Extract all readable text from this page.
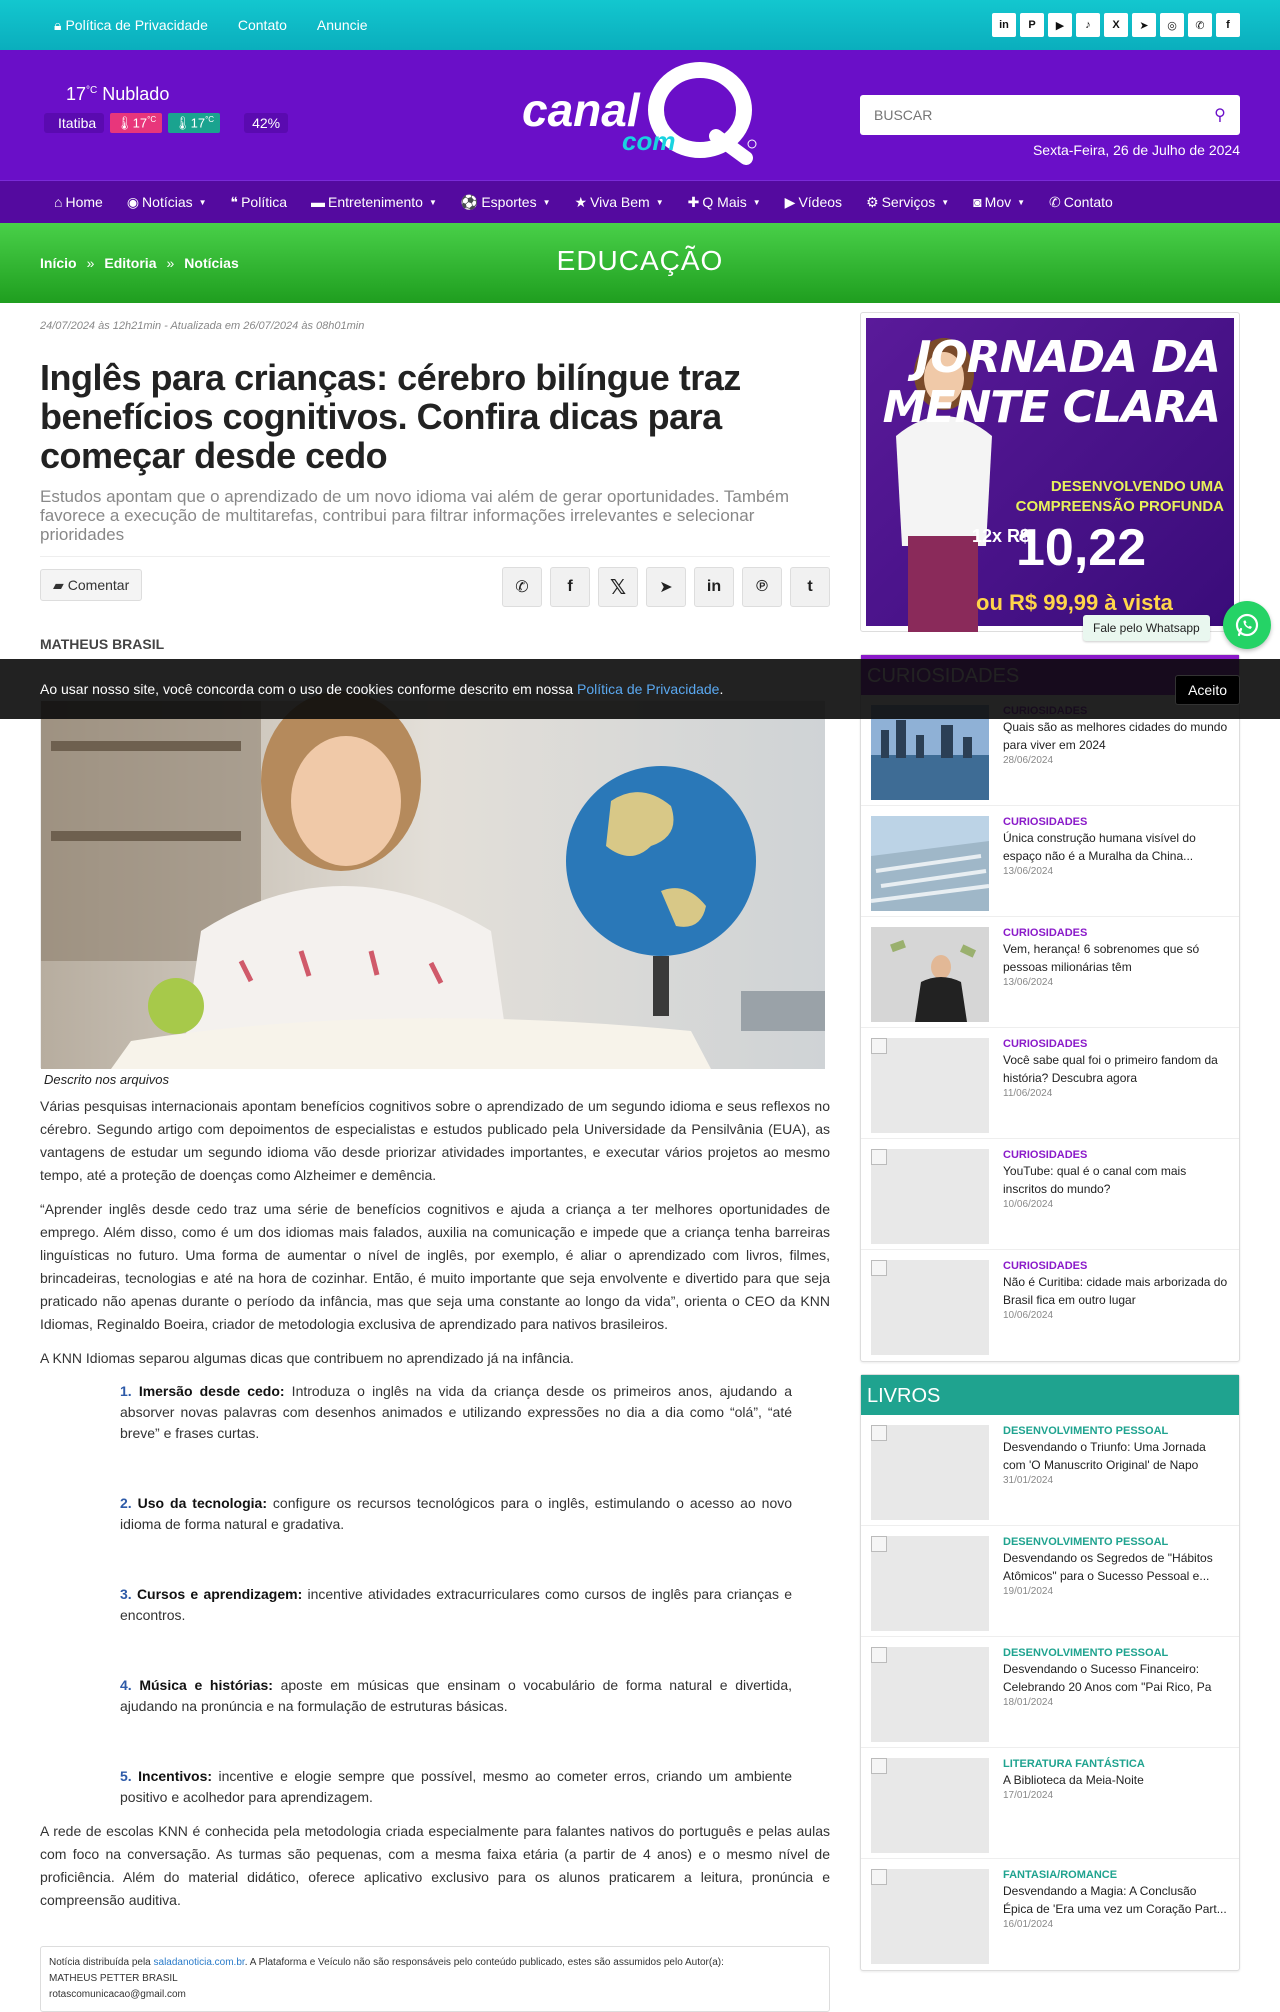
🔒︎ Política de Privacidade Contato Anuncie	in	P	▶	♪	X	➤	◎	✆	f
$17^{^\circ C}$ Nublado
Itatiba	$🌡︎17^{^\circ C}$	$🌡︎17^{^\circ C}$	42%	canal
com
BUSCAR
⚲
Sexta-Feira, 26 de Julho de 2024
⌂ Home ◉ Notícias ▼ ❝ Política ▬ Entretenimento ▼ ⚽ Esportes ▼ ★ Viva Bem ▼ ✚ Q Mais ▼ ▶ Vídeos ⚙ Serviços ▼ ◙ Mov ▼ ✆ Contato
Início » Editoria » Notícias	EDUCAÇÃO
24/07/2024 às 12h21min - Atualizada em 26/07/2024 às 08h01min
Inglês para crianças: cérebro bilíngue traz benefícios cognitivos. Confira dicas para começar desde cedo
Estudos apontam que o aprendizado de um novo idioma vai além de gerar oportunidades. Também favorece a execução de multitarefas, contribui para filtrar informações irrelevantes e selecionar prioridades
▰ Comentar	✆ f 𝕏 ➤ in ℗ t
MATHEUS BRASIL
Descrito nos arquivos

Várias pesquisas internacionais apontam benefícios cognitivos sobre o aprendizado de um segundo idioma e seus reflexos no cérebro. Segundo artigo com depoimentos de especialistas e estudos publicado pela Universidade da Pensilvânia (EUA), as vantagens de estudar um segundo idioma vão desde priorizar atividades importantes, e executar vários projetos ao mesmo tempo, até a proteção de doenças como Alzheimer e demência.

“Aprender inglês desde cedo traz uma série de benefícios cognitivos e ajuda a criança a ter melhores oportunidades de emprego. Além disso, como é um dos idiomas mais falados, auxilia na comunicação e impede que a criança tenha barreiras linguísticas no futuro. Uma forma de aumentar o nível de inglês, por exemplo, é aliar o aprendizado com livros, filmes, brincadeiras, tecnologias e até na hora de cozinhar. Então, é muito importante que seja envolvente e divertido para que seja praticado não apenas durante o período da infância, mas que seja uma constante ao longo da vida”, orienta o CEO da KNN Idiomas, Reginaldo Boeira, criador de metodologia exclusiva de aprendizado para nativos brasileiros.

A KNN Idiomas separou algumas dicas que contribuem no aprendizado já na infância.

1. Imersão desde cedo: Introduza o inglês na vida da criança desde os primeiros anos, ajudando a absorver novas palavras com desenhos animados e utilizando expressões no dia a dia como “olá”, “até breve” e frases curtas.
2. Uso da tecnologia: configure os recursos tecnológicos para o inglês, estimulando o acesso ao novo idioma de forma natural e gradativa.
3. Cursos e aprendizagem: incentive atividades extracurriculares como cursos de inglês para crianças e encontros.
4. Música e histórias: aposte em músicas que ensinam o vocabulário de forma natural e divertida, ajudando na pronúncia e na formulação de estruturas básicas.
5. Incentivos: incentive e elogie sempre que possível, mesmo ao cometer erros, criando um ambiente positivo e acolhedor para aprendizagem.

A rede de escolas KNN é conhecida pela metodologia criada especialmente para falantes nativos do português e pelas aulas com foco na conversação. As turmas são pequenas, com a mesma faixa etária (a partir de 4 anos) e o mesmo nível de proficiência. Além do material didático, oferece aplicativo exclusivo para os alunos praticarem a leitura, pronúncia e compreensão auditiva.

Notícia distribuída pela saladanoticia.com.br. A Plataforma e Veículo não são responsáveis pelo conteúdo publicado, estes são assumidos pelo Autor(a):
MATHEUS PETTER BRASIL
rotascomunicacao@gmail.com
JORNADA DA
MENTE CLARA
DESENVOLVENDO UMA
COMPREENSÃO PROFUNDA
12x R$
10,22
ou R$ 99,99 à vista
Quais são as melhores cidades do mundo para viver em 2024
28/06/2024
CURIOSIDADES
Única construção humana visível do espaço não é a Muralha da China...
13/06/2024
CURIOSIDADES
Vem, herança! 6 sobrenomes que só pessoas milionárias têm
13/06/2024
CURIOSIDADES
Você sabe qual foi o primeiro fandom da história? Descubra agora
11/06/2024
CURIOSIDADES
YouTube: qual é o canal com mais inscritos do mundo?
10/06/2024
CURIOSIDADES
Não é Curitiba: cidade mais arborizada do Brasil fica em outro lugar
10/06/2024
LIVROS
DESENVOLVIMENTO PESSOAL
Desvendando o Triunfo: Uma Jornada com 'O Manuscrito Original' de Napo
31/01/2024
DESENVOLVIMENTO PESSOAL
Desvendando os Segredos de "Hábitos Atômicos" para o Sucesso Pessoal e...
19/01/2024
DESENVOLVIMENTO PESSOAL
Desvendando o Sucesso Financeiro: Celebrando 20 Anos com "Pai Rico, Pa
18/01/2024
LITERATURA FANTÁSTICA
A Biblioteca da Meia-Noite
17/01/2024
FANTASIA/ROMANCE
Desvendando a Magia: A Conclusão Épica de 'Era uma vez um Coração Part...
16/01/2024
Ao usar nosso site, você concorda com o uso de cookies conforme descrito em nossa Política de Privacidade .	Aceito
Fale pelo Whatsapp
